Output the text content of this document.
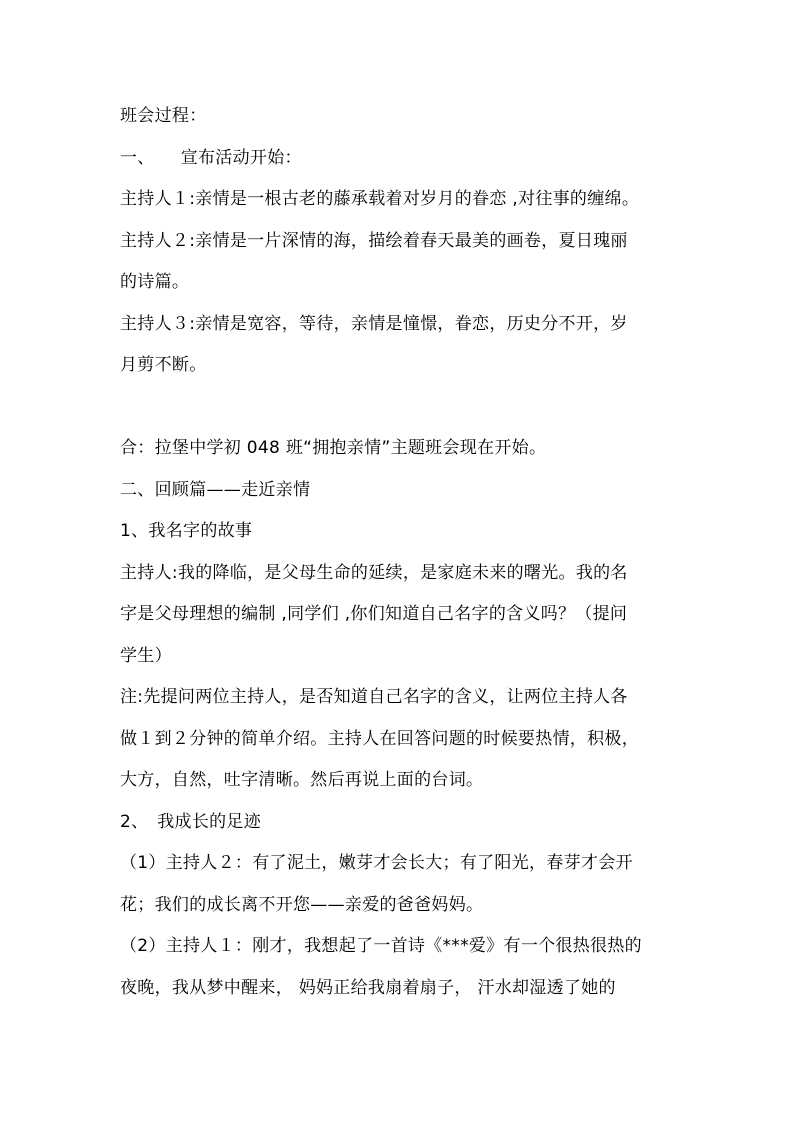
班会过程：
一、　　宣布活动开始：
主持人１:亲情是一根古老的藤承载着对岁月的眷恋 ,对往事的缠绵。
主持人２:亲情是一片深情的海，描绘着春天最美的画卷，夏日瑰丽
的诗篇。
主持人３:亲情是宽容，等待，亲情是憧憬，眷恋，历史分不开，岁
月剪不断。
合：拉堡中学初 048 班“拥抱亲情”主题班会现在开始。
二、回顾篇——走近亲情
1、我名字的故事
主持人:我的降临，是父母生命的延续，是家庭未来的曙光。我的名
字是父母理想的编制 ,同学们 ,你们知道自己名字的含义吗？（提问
学生）
注:先提问两位主持人，是否知道自己名字的含义，让两位主持人各
做１到２分钟的简单介绍。主持人在回答问题的时候要热情，积极，
大方，自然，吐字清晰。然后再说上面的台词。
2、　我成长的足迹
（1）主持人２：有了泥土，嫩芽才会长大；有了阳光，春芽才会开
花；我们的成长离不开您——亲爱的爸爸妈妈。
（2）主持人１：刚才，我想起了一首诗《***爱》有一个很热很热的
夜晚，我从梦中醒来， 妈妈正给我扇着扇子， 汗水却湿透了她的
